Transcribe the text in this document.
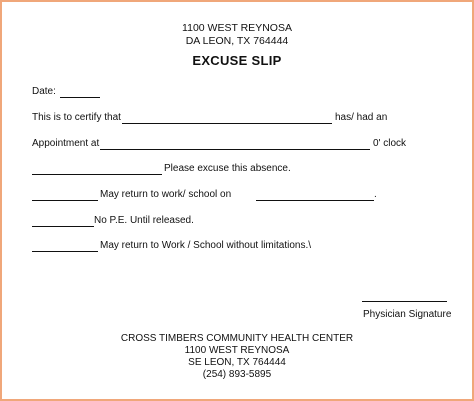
1100 WEST REYNOSA
DA LEON, TX 764444
EXCUSE SLIP
Date:
This is to certify that	has/ had an
Appointment at	0' clock
Please excuse this absence.
May return to work/ school on	.
No P.E. Until released.
May return to Work / School without limitations.\
Physician Signature
CROSS TIMBERS COMMUNITY HEALTH CENTER
1100 WEST REYNOSA
SE LEON, TX 764444
(254) 893-5895
